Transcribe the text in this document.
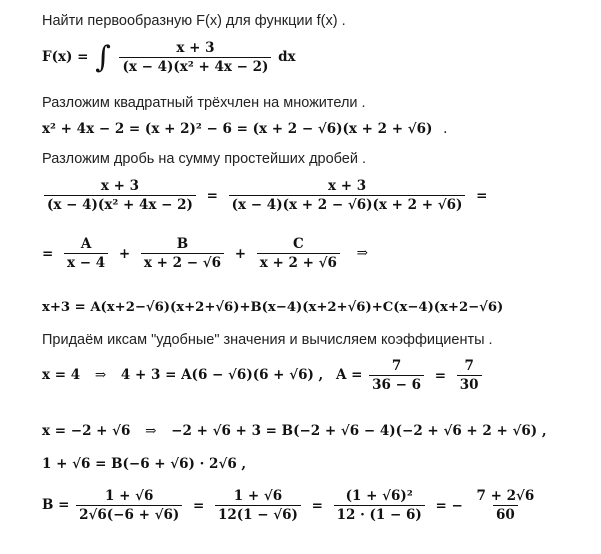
Найти первообразную F(x) для функции f(x) .
F(x) = ∫ $\frac{x + 3}{\text{(x − 4)(x² + 4x − 2)}}$ dx
Разложим квадратный трёхчлен на множители .
x² + 4x − 2 = (x + 2)² − 6 = (x + 2 − √6)(x + 2 + √6) .
Разложим дробь на сумму простейших дробей .
$\frac{x + 3}{\text{(x − 4)(x² + 4x − 2)}} = \frac{x + 3}{(x - 4)(x + 2 - √6)(x + 2 + √6)}$ =
= $\frac{A}{x - 4} + \frac{B}{x + 2 - √6} + \frac{C}{x + 2 + √6}$ ⇒
x+3 = A(x+2−√6)(x+2+√6)+B(x−4)(x+2+√6)+C(x−4)(x+2−√6)
Придаём иксам "удобные" значения и вычисляем коэффициенты .
x = 4 ⇒ 4 + 3 = A(6 − √6)(6 + √6) , $A = \frac{7}{36 - 6} = \frac{7}{30}$
x = −2 + √6 ⇒ −2 + √6 + 3 = B(−2 + √6 − 4)(−2 + √6 + 2 + √6) ,
1 + √6 = B(−6 + √6) · 2√6 ,
$B = \frac{1 + √6}{2√6(-6 + √6)} = \frac{1 + √6}{12(1 - √6)} = \frac{\text{(1 + √6)²}}{12 \cdot (1 - 6)}$ = − $\frac{7 + 2√6}{60}$
